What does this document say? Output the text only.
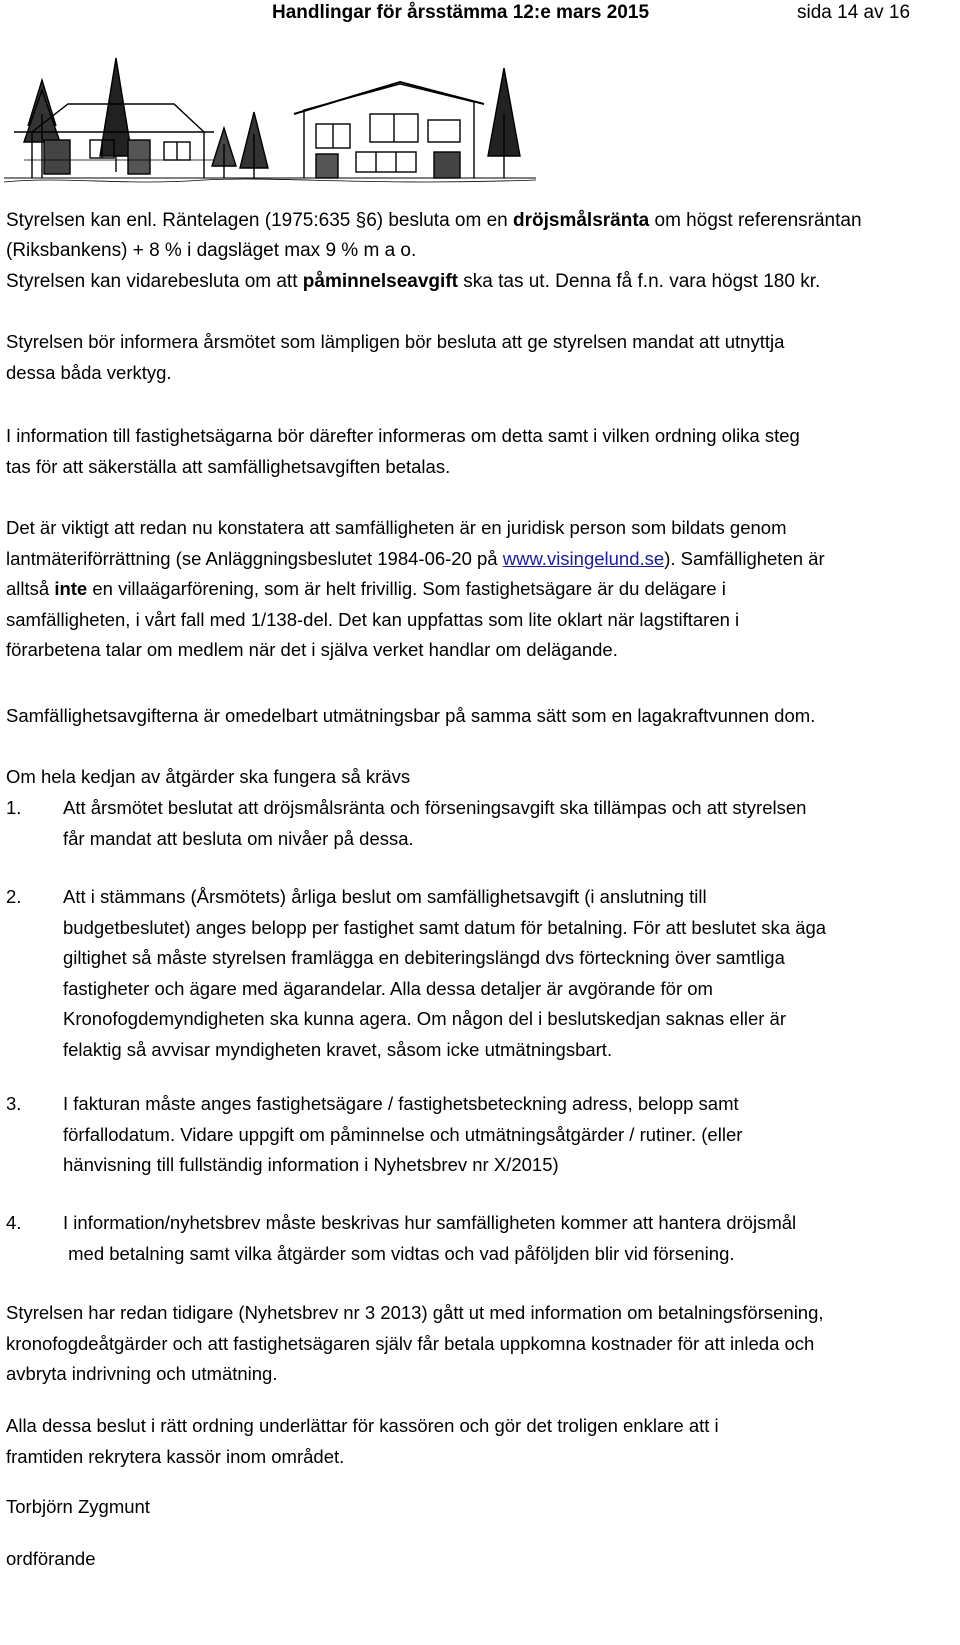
Handlingar för årsstämma 12:e mars 2015	sida 14 av 16
Styrelsen kan enl. Räntelagen (1975:635 §6) besluta om en dröjsmålsränta om högst referensräntan
(Riksbankens) + 8 % i dagsläget max 9 % m a o.
Styrelsen kan vidarebesluta om att påminnelseavgift ska tas ut. Denna få f.n. vara högst 180 kr.

Styrelsen bör informera årsmötet som lämpligen bör besluta att ge styrelsen mandat att utnyttja

dessa båda verktyg.

I information till fastighetsägarna bör därefter informeras om detta samt i vilken ordning olika steg

tas för att säkerställa att samfällighetsavgiften betalas.

Det är viktigt att redan nu konstatera att samfälligheten är en juridisk person som bildats genom

lantmäteriförrättning (se Anläggningsbeslutet 1984-06-20 på www.visingelund.se). Samfälligheten är

alltså inte en villaägarförening, som är helt frivillig. Som fastighetsägare är du delägare i

samfälligheten, i vårt fall med 1/138-del. Det kan uppfattas som lite oklart när lagstiftaren i

förarbetena talar om medlem när det i själva verket handlar om delägande.

Samfällighetsavgifterna är omedelbart utmätningsbar på samma sätt som en lagakraftvunnen dom.

Om hela kedjan av åtgärder ska fungera så krävs

1. Att årsmötet beslutat att dröjsmålsränta och förseningsavgift ska tillämpas och att styrelsen

får mandat att besluta om nivåer på dessa.

2. Att i stämmans (Årsmötets) årliga beslut om samfällighetsavgift (i anslutning till

budgetbeslutet) anges belopp per fastighet samt datum för betalning. För att beslutet ska äga

giltighet så måste styrelsen framlägga en debiteringslängd dvs förteckning över samtliga

fastigheter och ägare med ägarandelar. Alla dessa detaljer är avgörande för om

Kronofogdemyndigheten ska kunna agera. Om någon del i beslutskedjan saknas eller är

felaktig så avvisar myndigheten kravet, såsom icke utmätningsbart.

3. I fakturan måste anges fastighetsägare / fastighetsbeteckning adress, belopp samt

förfallodatum. Vidare uppgift om påminnelse och utmätningsåtgärder / rutiner. (eller

hänvisning till fullständig information i Nyhetsbrev nr X/2015)

4. I information/nyhetsbrev måste beskrivas hur samfälligheten kommer att hantera dröjsmål

med betalning samt vilka åtgärder som vidtas och vad påföljden blir vid försening.

Styrelsen har redan tidigare (Nyhetsbrev nr 3 2013) gått ut med information om betalningsförsening,

kronofogdeåtgärder och att fastighetsägaren själv får betala uppkomna kostnader för att inleda och

avbryta indrivning och utmätning.

Alla dessa beslut i rätt ordning underlättar för kassören och gör det troligen enklare att i

framtiden rekrytera kassör inom området.

Torbjörn Zygmunt

ordförande
